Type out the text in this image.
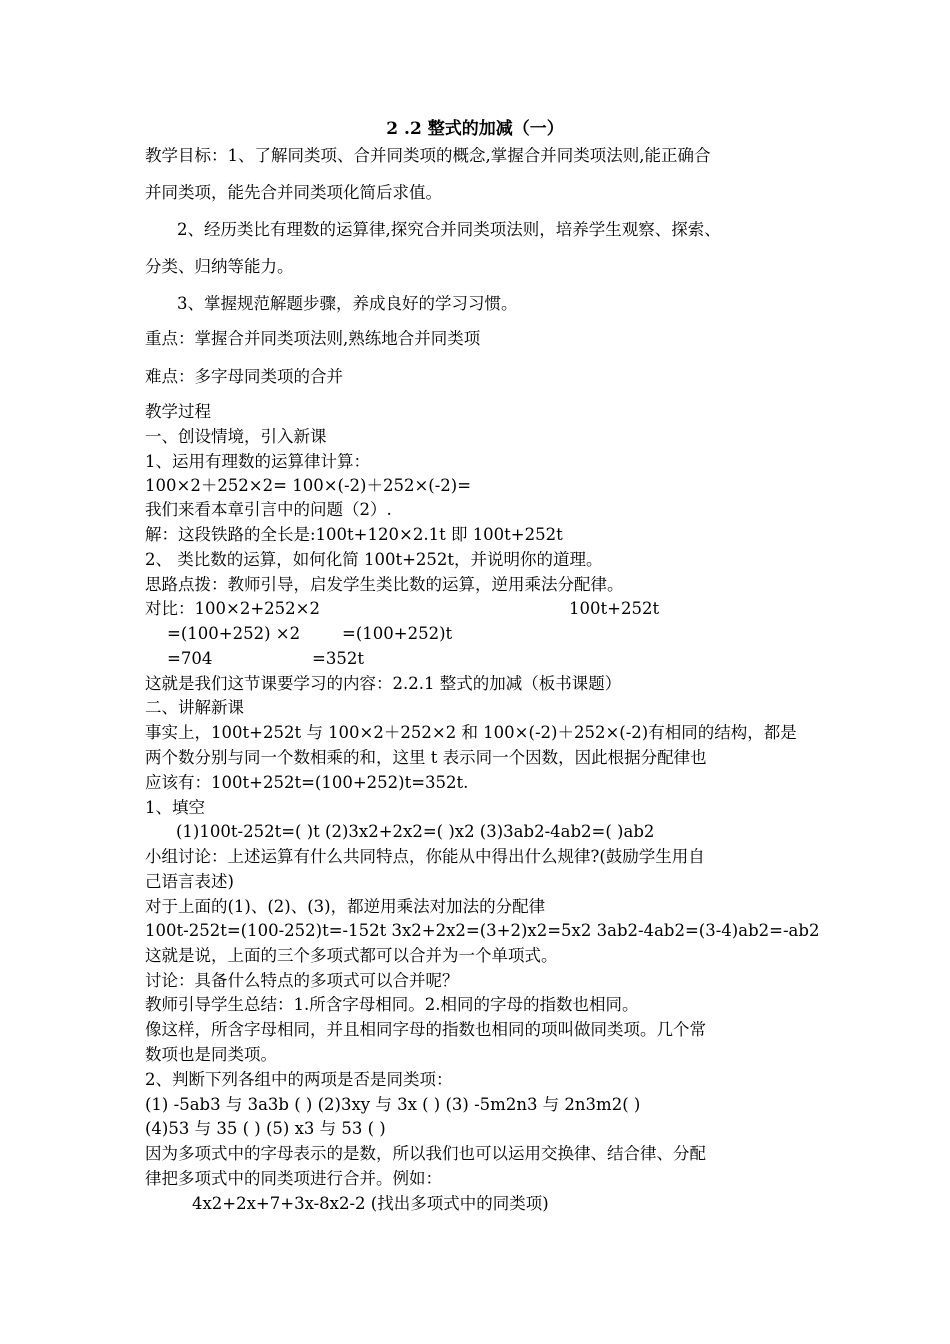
2 .2 整式的加减（一）
教学目标：1、了解同类项、合并同类项的概念,掌握合并同类项法则,能正确合
并同类项，能先合并同类项化简后求值。
2、经历类比有理数的运算律,探究合并同类项法则，培养学生观察、探索、
分类、归纳等能力。
3、掌握规范解题步骤，养成良好的学习习惯。
重点：掌握合并同类项法则,熟练地合并同类项
难点：多字母同类项的合并
教学过程
一、创设情境，引入新课
1、运用有理数的运算律计算：
100×2＋252×2= 100×(-2)＋252×(-2)=
我们来看本章引言中的问题（2）.
解：这段铁路的全长是:100t+120×2.1t 即 100t+252t
2、 类比数的运算，如何化简 100t+252t，并说明你的道理。
思路点拨：教师引导，启发学生类比数的运算，逆用乘法分配律。
对比：100×2+252×2	100t+252t
=(100+252) ×2	=(100+252)t
=704	=352t
这就是我们这节课要学习的内容：2.2.1 整式的加减（板书课题）
二、讲解新课
事实上，100t+252t 与 100×2＋252×2 和 100×(-2)＋252×(-2)有相同的结构，都是
两个数分别与同一个数相乘的和，这里 t 表示同一个因数，因此根据分配律也
应该有：100t+252t=(100+252)t=352t.
1、填空
(1)100t-252t=( )t (2)3x2+2x2=( )x2 (3)3ab2-4ab2=( )ab2
小组讨论：上述运算有什么共同特点，你能从中得出什么规律?(鼓励学生用自
己语言表述)
对于上面的(1)、(2)、(3)，都逆用乘法对加法的分配律
100t-252t=(100-252)t=-152t 3x2+2x2=(3+2)x2=5x2 3ab2-4ab2=(3-4)ab2=-ab2
这就是说，上面的三个多项式都可以合并为一个单项式。
讨论：具备什么特点的多项式可以合并呢？
教师引导学生总结：1.所含字母相同。2.相同的字母的指数也相同。
像这样，所含字母相同，并且相同字母的指数也相同的项叫做同类项。几个常
数项也是同类项。
2、判断下列各组中的两项是否是同类项：
(1) -5ab3 与 3a3b ( ) (2)3xy 与 3x ( ) (3) -5m2n3 与 2n3m2( )
(4)53 与 35 ( ) (5) x3 与 53 ( )
因为多项式中的字母表示的是数，所以我们也可以运用交换律、结合律、分配
律把多项式中的同类项进行合并。例如：
4x2+2x+7+3x-8x2-2 (找出多项式中的同类项)
